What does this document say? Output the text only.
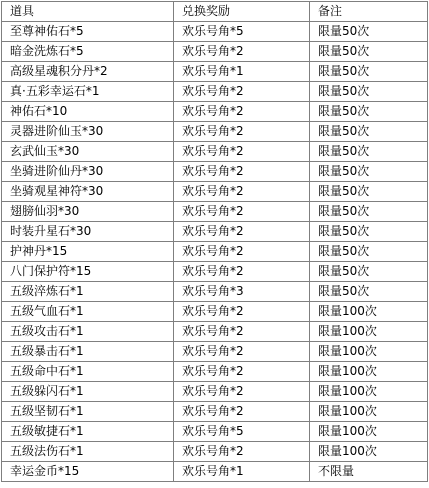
道具	兑换奖励	备注
至尊神佑石*5	欢乐号角*5	限量50次
暗金洗炼石*5	欢乐号角*2	限量50次
高级星魂积分丹*2	欢乐号角*1	限量50次
真·五彩幸运石*1	欢乐号角*2	限量50次
神佑石*10	欢乐号角*2	限量50次
灵器进阶仙玉*30	欢乐号角*2	限量50次
玄武仙玉*30	欢乐号角*2	限量50次
坐骑进阶仙丹*30	欢乐号角*2	限量50次
坐骑观星神符*30	欢乐号角*2	限量50次
翅膀仙羽*30	欢乐号角*2	限量50次
时装升星石*30	欢乐号角*2	限量50次
护神丹*15	欢乐号角*2	限量50次
八门保护符*15	欢乐号角*2	限量50次
五级淬炼石*1	欢乐号角*3	限量50次
五级气血石*1	欢乐号角*2	限量100次
五级攻击石*1	欢乐号角*2	限量100次
五级暴击石*1	欢乐号角*2	限量100次
五级命中石*1	欢乐号角*2	限量100次
五级躲闪石*1	欢乐号角*2	限量100次
五级坚韧石*1	欢乐号角*2	限量100次
五级敏捷石*1	欢乐号角*5	限量100次
五级法伤石*1	欢乐号角*2	限量100次
幸运金币*15	欢乐号角*1	不限量
